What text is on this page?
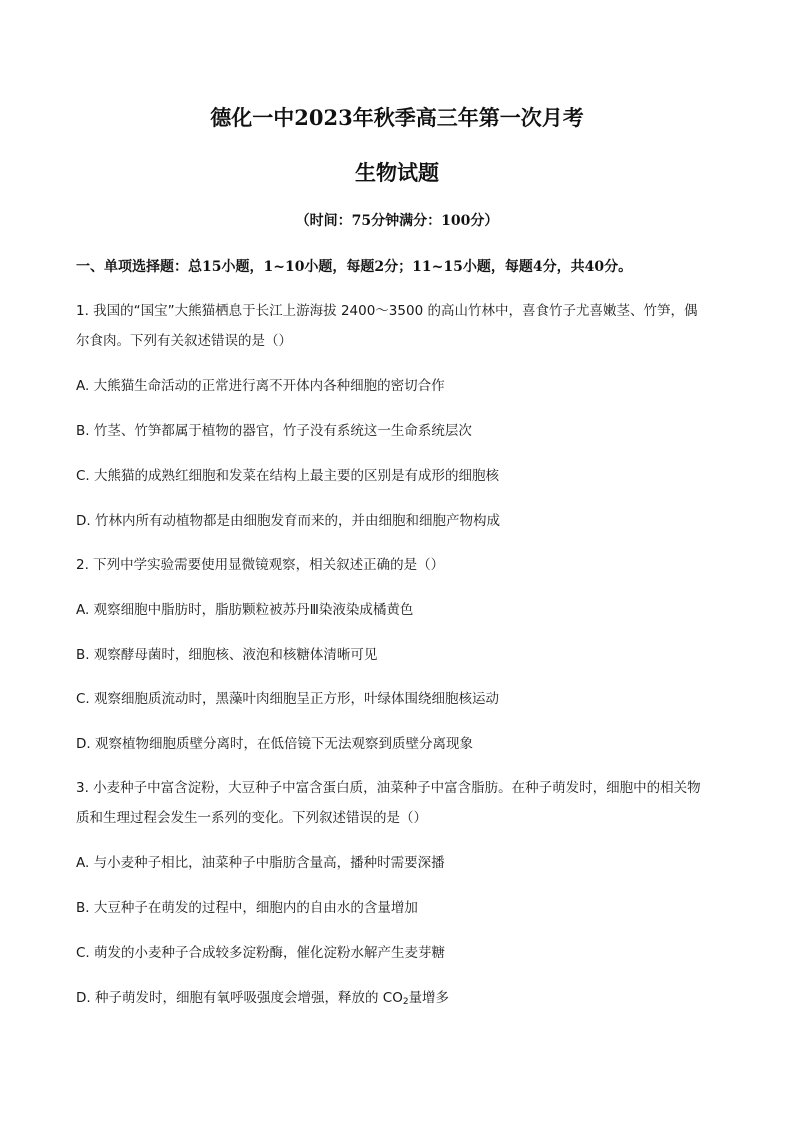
德化一中2023年秋季高三年第一次月考
生物试题
（时间：75分钟满分：100分）
一、单项选择题：总15小题，1~10小题，每题2分；11~15小题，每题4分，共40分。
1. 我国的“国宝”大熊猫栖息于长江上游海拔 2400～3500 的高山竹林中，喜食竹子尤喜嫩茎、竹笋，偶
尔食肉。下列有关叙述错误的是（）
A. 大熊猫生命活动的正常进行离不开体内各种细胞的密切合作
B. 竹茎、竹笋都属于植物的器官，竹子没有系统这一生命系统层次
C. 大熊猫的成熟红细胞和发菜在结构上最主要的区别是有成形的细胞核
D. 竹林内所有动植物都是由细胞发育而来的，并由细胞和细胞产物构成
2. 下列中学实验需要使用显微镜观察，相关叙述正确的是（）
A. 观察细胞中脂肪时，脂肪颗粒被苏丹Ⅲ染液染成橘黄色
B. 观察酵母菌时，细胞核、液泡和核糖体清晰可见
C. 观察细胞质流动时，黑藻叶肉细胞呈正方形，叶绿体围绕细胞核运动
D. 观察植物细胞质壁分离时，在低倍镜下无法观察到质壁分离现象
3. 小麦种子中富含淀粉，大豆种子中富含蛋白质，油菜种子中富含脂肪。在种子萌发时，细胞中的相关物
质和生理过程会发生一系列的变化。下列叙述错误的是（）
A. 与小麦种子相比，油菜种子中脂肪含量高，播种时需要深播
B. 大豆种子在萌发的过程中，细胞内的自由水的含量增加
C. 萌发的小麦种子合成较多淀粉酶，催化淀粉水解产生麦芽糖
D. 种子萌发时，细胞有氧呼吸强度会增强，释放的 $CO_2$量增多
